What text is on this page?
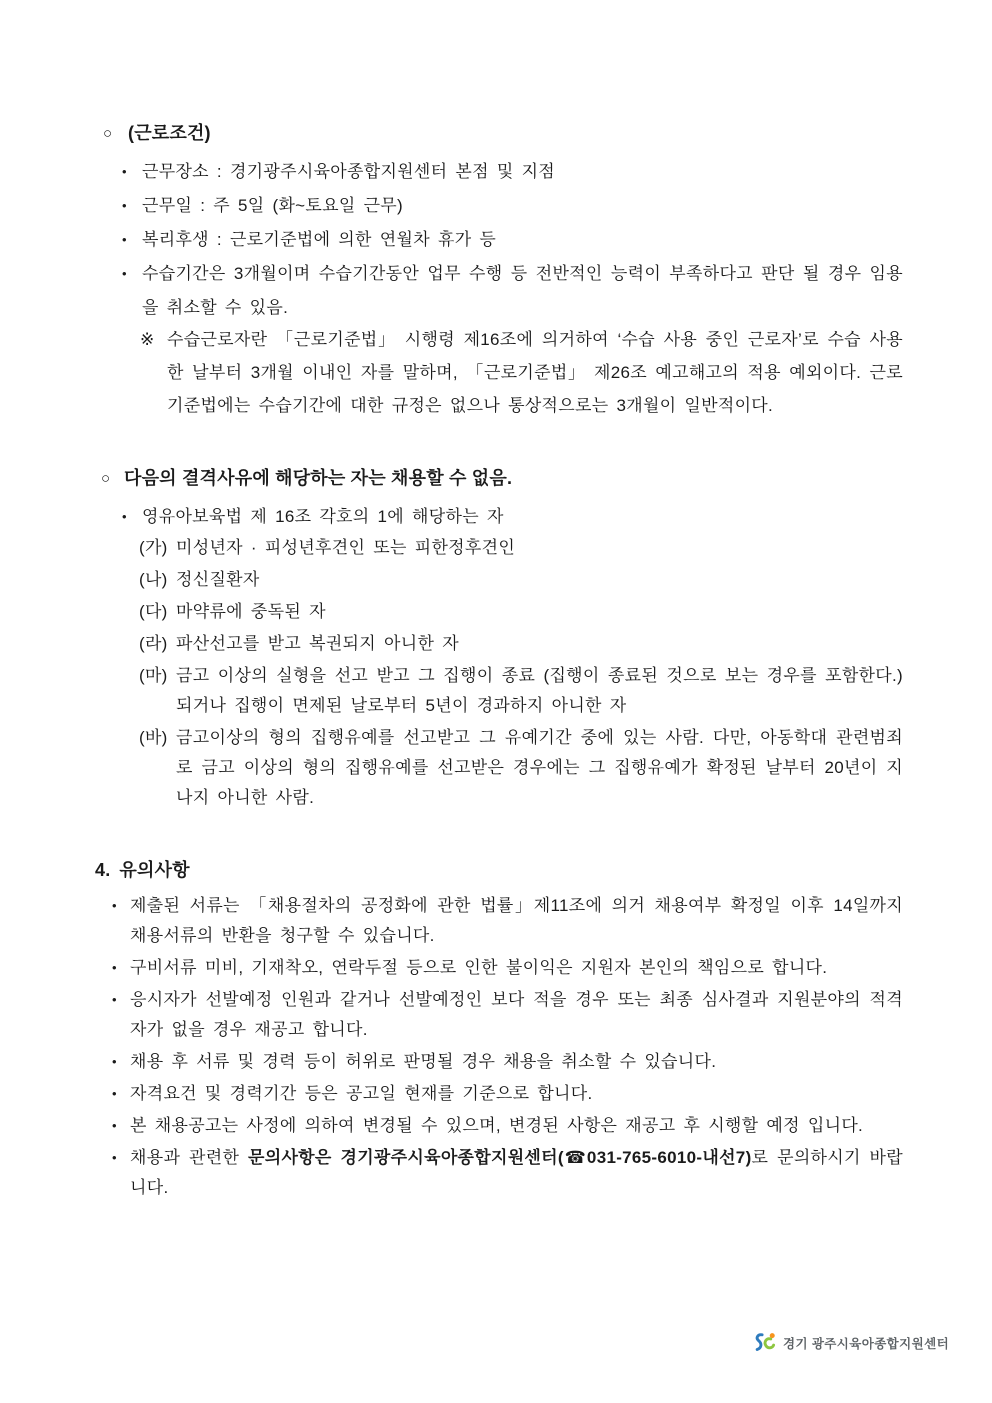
○ (근로조건)
• 근무장소 : 경기광주시육아종합지원센터 본점 및 지점
• 근무일 : 주 5일 (화~토요일 근무)
• 복리후생 : 근로기준법에 의한 연월차 휴가 등
• 수습기간은 3개월이며 수습기간동안 업무 수행 등 전반적인 능력이 부족하다고 판단 될 경우 임용을 취소할 수 있음.
※ 수습근로자란 「근로기준법」 시행령 제16조에 의거하여 ‘수습 사용 중인 근로자’로 수습 사용한 날부터 3개월 이내인 자를 말하며, 「근로기준법」 제26조 예고해고의 적용 예외이다. 근로기준법에는 수습기간에 대한 규정은 없으나 통상적으로는 3개월이 일반적이다.
○ 다음의 결격사유에 해당하는 자는 채용할 수 없음.
• 영유아보육법 제 16조 각호의 1에 해당하는 자
(가) 미성년자 · 피성년후견인 또는 피한정후견인
(나) 정신질환자
(다) 마약류에 중독된 자
(라) 파산선고를 받고 복권되지 아니한 자
(마) 금고 이상의 실형을 선고 받고 그 집행이 종료 (집행이 종료된 것으로 보는 경우를 포함한다.) 되거나 집행이 면제된 날로부터 5년이 경과하지 아니한 자
(바) 금고이상의 형의 집행유예를 선고받고 그 유예기간 중에 있는 사람. 다만, 아동학대 관련범죄로 금고 이상의 형의 집행유예를 선고받은 경우에는 그 집행유예가 확정된 날부터 20년이 지나지 아니한 사람.
4. 유의사항
• 제출된 서류는 「채용절차의 공정화에 관한 법률」제11조에 의거 채용여부 확정일 이후 14일까지 채용서류의 반환을 청구할 수 있습니다.
• 구비서류 미비, 기재착오, 연락두절 등으로 인한 불이익은 지원자 본인의 책임으로 합니다.
• 응시자가 선발예정 인원과 같거나 선발예정인 보다 적을 경우 또는 최종 심사결과 지원분야의 적격자가 없을 경우 재공고 합니다.
• 채용 후 서류 및 경력 등이 허위로 판명될 경우 채용을 취소할 수 있습니다.
• 자격요건 및 경력기간 등은 공고일 현재를 기준으로 합니다.
• 본 채용공고는 사정에 의하여 변경될 수 있으며, 변경된 사항은 재공고 후 시행할 예정 입니다.
• 채용과 관련한 문의사항은 경기광주시육아종합지원센터(☎031-765-6010-내선7)로 문의하시기 바랍니다.
경기 광주시육아종합지원센터
